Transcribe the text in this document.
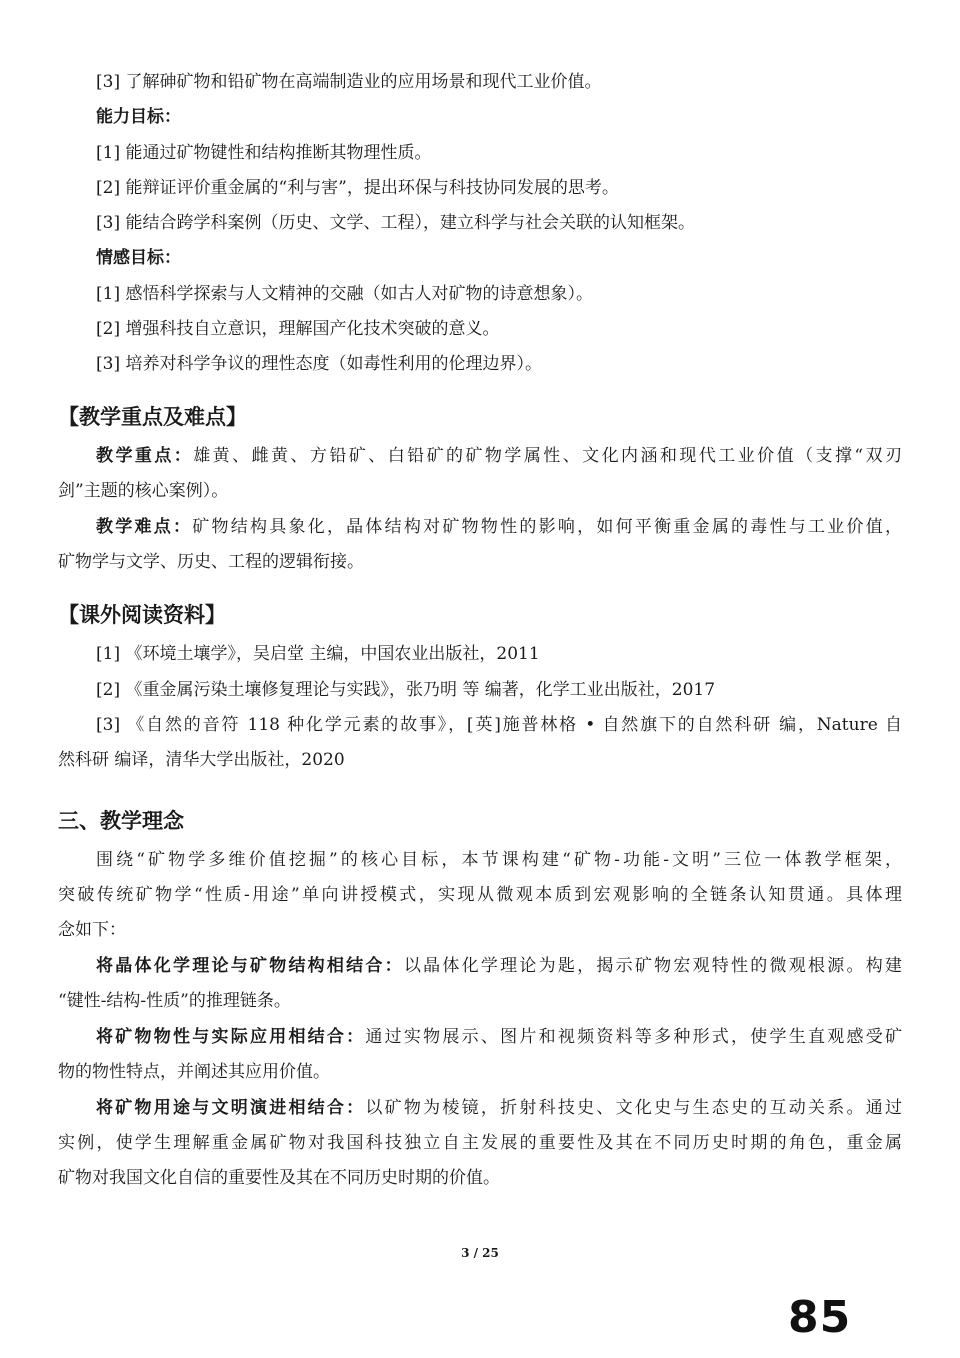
[3] 了解砷矿物和铅矿物在高端制造业的应用场景和现代工业价值。
能力目标：
[1] 能通过矿物键性和结构推断其物理性质。
[2] 能辩证评价重金属的“利与害”，提出环保与科技协同发展的思考。
[3] 能结合跨学科案例（历史、文学、工程），建立科学与社会关联的认知框架。
情感目标：
[1] 感悟科学探索与人文精神的交融（如古人对矿物的诗意想象）。
[2] 增强科技自立意识，理解国产化技术突破的意义。
[3] 培养对科学争议的理性态度（如毒性利用的伦理边界）。
【教学重点及难点】
教学重点：雄黄、雌黄、方铅矿、白铅矿的矿物学属性、文化内涵和现代工业价值（支撑“双刃
剑”主题的核心案例）。
教学难点：矿物结构具象化，晶体结构对矿物物性的影响，如何平衡重金属的毒性与工业价值，
矿物学与文学、历史、工程的逻辑衔接。
【课外阅读资料】
[1] 《环境土壤学》，吴启堂 主编，中国农业出版社，2011
[2] 《重金属污染土壤修复理论与实践》，张乃明 等 编著，化学工业出版社，2017
[3] 《自然的音符 118 种化学元素的故事》，[英]施普林格 • 自然旗下的自然科研 编，Nature 自
然科研 编译，清华大学出版社，2020
三、教学理念
围绕“矿物学多维价值挖掘”的核心目标，本节课构建“矿物-功能-文明”三位一体教学框架，
突破传统矿物学“性质-用途”单向讲授模式，实现从微观本质到宏观影响的全链条认知贯通。具体理
念如下：
将晶体化学理论与矿物结构相结合：以晶体化学理论为匙，揭示矿物宏观特性的微观根源。构建
“键性-结构-性质”的推理链条。
将矿物物性与实际应用相结合：通过实物展示、图片和视频资料等多种形式，使学生直观感受矿
物的物性特点，并阐述其应用价值。
将矿物用途与文明演进相结合：以矿物为棱镜，折射科技史、文化史与生态史的互动关系。通过
实例，使学生理解重金属矿物对我国科技独立自主发展的重要性及其在不同历史时期的角色，重金属
矿物对我国文化自信的重要性及其在不同历史时期的价值。
3 / 25
85
